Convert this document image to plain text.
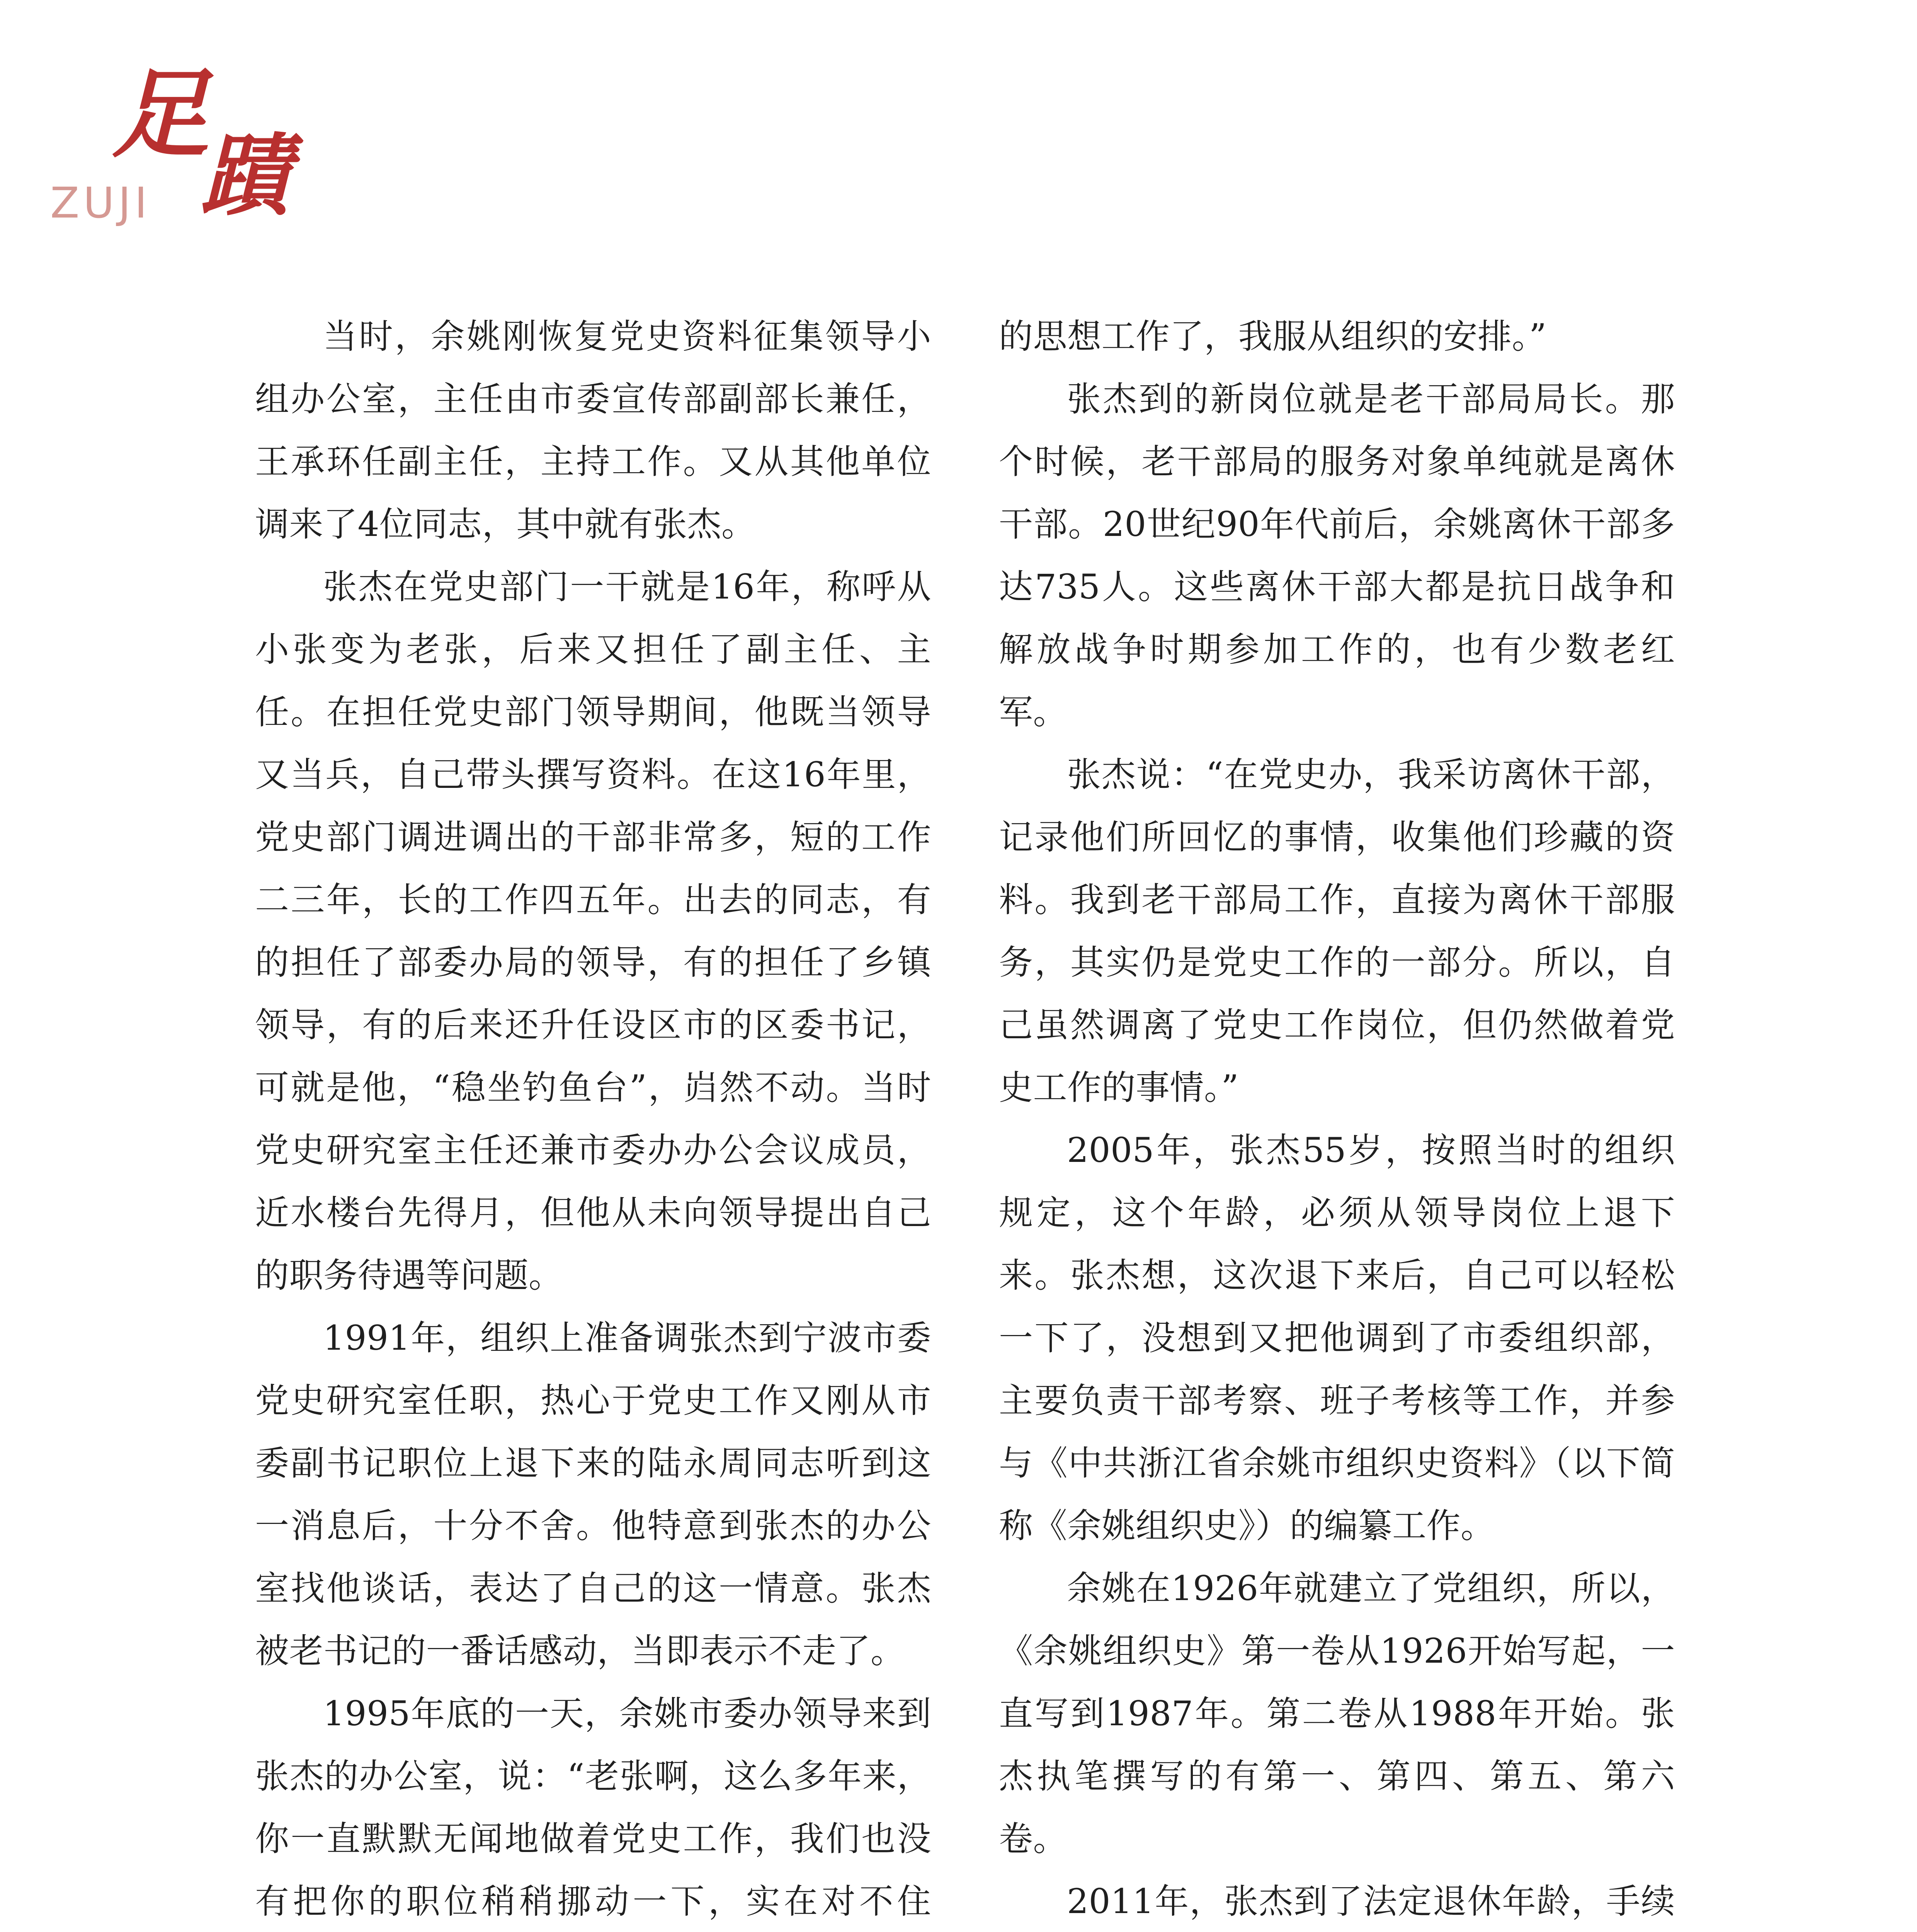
足
蹟
ZUJI

当时，余姚刚恢复党史资料征集领导小组办公室，主任由市委宣传部副部长兼任，王承环任副主任，主持工作。又从其他单位调来了4位同志，其中就有张杰。

张杰在党史部门一干就是16年，称呼从小张变为老张，后来又担任了副主任、主任。在担任党史部门领导期间，他既当领导又当兵，自己带头撰写资料。在这16年里，党史部门调进调出的干部非常多，短的工作二三年，长的工作四五年。出去的同志，有的担任了部委办局的领导，有的担任了乡镇领导，有的后来还升任设区市的区委书记，可就是他，“稳坐钓鱼台”，岿然不动。当时党史研究室主任还兼市委办办公会议成员，近水楼台先得月，但他从未向领导提出自己的职务待遇等问题。

1991年，组织上准备调张杰到宁波市委党史研究室任职，热心于党史工作又刚从市委副书记职位上退下来的陆永周同志听到这一消息后，十分不舍。他特意到张杰的办公室找他谈话，表达了自己的这一情意。张杰被老书记的一番话感动，当即表示不走了。

1995年底的一天，余姚市委办领导来到张杰的办公室，说：“老张啊，这么多年来，你一直默默无闻地做着党史工作，我们也没有把你的职位稍稍挪动一下，实在对不住

的思想工作了，我服从组织的安排。”

张杰到的新岗位就是老干部局局长。那个时候，老干部局的服务对象单纯就是离休干部。20世纪90年代前后，余姚离休干部多达735人。这些离休干部大都是抗日战争和解放战争时期参加工作的，也有少数老红军。

张杰说：“在党史办，我采访离休干部，记录他们所回忆的事情，收集他们珍藏的资料。我到老干部局工作，直接为离休干部服务，其实仍是党史工作的一部分。所以，自己虽然调离了党史工作岗位，但仍然做着党史工作的事情。”

2005年，张杰55岁，按照当时的组织规定，这个年龄，必须从领导岗位上退下来。张杰想，这次退下来后，自己可以轻松一下了，没想到又把他调到了市委组织部，主要负责干部考察、班子考核等工作，并参与《中共浙江省余姚市组织史资料》（以下简称《余姚组织史》）的编纂工作。

余姚在1926年就建立了党组织，所以，《余姚组织史》第一卷从1926开始写起，一直写到1987年。第二卷从1988年开始。张杰执笔撰写的有第一、第四、第五、第六卷。

2011年，张杰到了法定退休年龄，手续
